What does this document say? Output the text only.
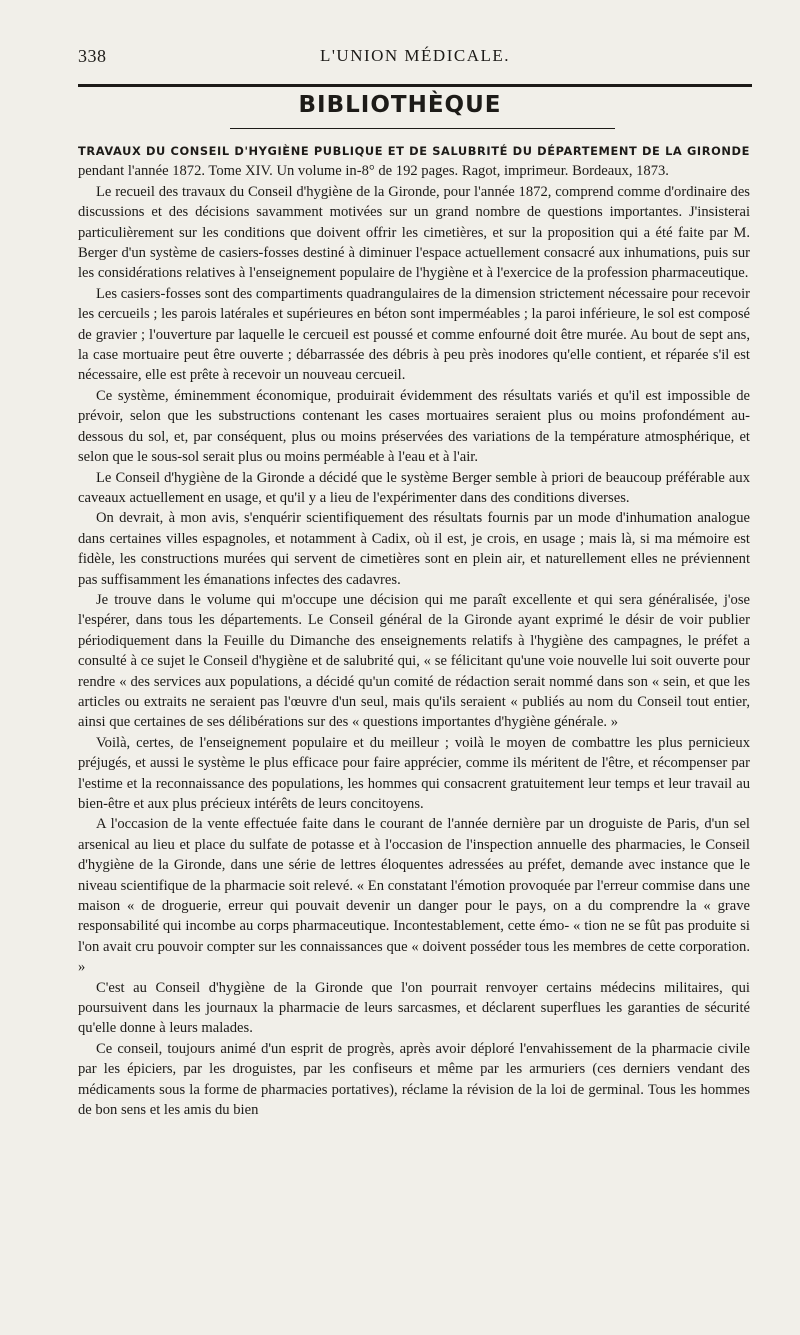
338	L'UNION MÉDICALE.
BIBLIOTHÈQUE

TRAVAUX DU CONSEIL D'HYGIÈNE PUBLIQUE ET DE SALUBRITÉ DU DÉPARTEMENT DE LA GIRONDE pendant l'année 1872. Tome XIV. Un volume in-8° de 192 pages. Ragot, imprimeur. Bordeaux, 1873.

Le recueil des travaux du Conseil d'hygiène de la Gironde, pour l'année 1872, comprend comme d'ordinaire des discussions et des décisions savamment motivées sur un grand nombre de questions importantes. J'insisterai particulièrement sur les conditions que doivent offrir les cimetières, et sur la proposition qui a été faite par M. Berger d'un système de casiers-fosses destiné à diminuer l'espace actuellement consacré aux inhumations, puis sur les considérations relatives à l'enseignement populaire de l'hygiène et à l'exercice de la profession pharmaceutique.

Les casiers-fosses sont des compartiments quadrangulaires de la dimension strictement nécessaire pour recevoir les cercueils ; les parois latérales et supérieures en béton sont imperméables ; la paroi inférieure, le sol est composé de gravier ; l'ouverture par laquelle le cercueil est poussé et comme enfourné doit être murée. Au bout de sept ans, la case mortuaire peut être ouverte ; débarrassée des débris à peu près inodores qu'elle contient, et réparée s'il est nécessaire, elle est prête à recevoir un nouveau cercueil.

Ce système, éminemment économique, produirait évidemment des résultats variés et qu'il est impossible de prévoir, selon que les substructions contenant les cases mortuaires seraient plus ou moins profondément au-dessous du sol, et, par conséquent, plus ou moins préservées des variations de la température atmosphérique, et selon que le sous-sol serait plus ou moins perméable à l'eau et à l'air.

Le Conseil d'hygiène de la Gironde a décidé que le système Berger semble à priori de beaucoup préférable aux caveaux actuellement en usage, et qu'il y a lieu de l'expérimenter dans des conditions diverses.

On devrait, à mon avis, s'enquérir scientifiquement des résultats fournis par un mode d'inhumation analogue dans certaines villes espagnoles, et notamment à Cadix, où il est, je crois, en usage ; mais là, si ma mémoire est fidèle, les constructions murées qui servent de cimetières sont en plein air, et naturellement elles ne préviennent pas suffisamment les émanations infectes des cadavres.

Je trouve dans le volume qui m'occupe une décision qui me paraît excellente et qui sera généralisée, j'ose l'espérer, dans tous les départements. Le Conseil général de la Gironde ayant exprimé le désir de voir publier périodiquement dans la Feuille du Dimanche des enseignements relatifs à l'hygiène des campagnes, le préfet a consulté à ce sujet le Conseil d'hygiène et de salubrité qui, « se félicitant qu'une voie nouvelle lui soit ouverte pour rendre « des services aux populations, a décidé qu'un comité de rédaction serait nommé dans son « sein, et que les articles ou extraits ne seraient pas l'œuvre d'un seul, mais qu'ils seraient « publiés au nom du Conseil tout entier, ainsi que certaines de ses délibérations sur des « questions importantes d'hygiène générale. »

Voilà, certes, de l'enseignement populaire et du meilleur ; voilà le moyen de combattre les plus pernicieux préjugés, et aussi le système le plus efficace pour faire apprécier, comme ils méritent de l'être, et récompenser par l'estime et la reconnaissance des populations, les hommes qui consacrent gratuitement leur temps et leur travail au bien-être et aux plus précieux intérêts de leurs concitoyens.

A l'occasion de la vente effectuée faite dans le courant de l'année dernière par un droguiste de Paris, d'un sel arsenical au lieu et place du sulfate de potasse et à l'occasion de l'inspection annuelle des pharmacies, le Conseil d'hygiène de la Gironde, dans une série de lettres éloquentes adressées au préfet, demande avec instance que le niveau scientifique de la pharmacie soit relevé. « En constatant l'émotion provoquée par l'erreur commise dans une maison « de droguerie, erreur qui pouvait devenir un danger pour le pays, on a du comprendre la « grave responsabilité qui incombe au corps pharmaceutique. Incontestablement, cette émo- « tion ne se fût pas produite si l'on avait cru pouvoir compter sur les connaissances que « doivent posséder tous les membres de cette corporation. »

C'est au Conseil d'hygiène de la Gironde que l'on pourrait renvoyer certains médecins militaires, qui poursuivent dans les journaux la pharmacie de leurs sarcasmes, et déclarent superflues les garanties de sécurité qu'elle donne à leurs malades.

Ce conseil, toujours animé d'un esprit de progrès, après avoir déploré l'envahissement de la pharmacie civile par les épiciers, par les droguistes, par les confiseurs et même par les armuriers (ces derniers vendant des médicaments sous la forme de pharmacies portatives), réclame la révision de la loi de germinal. Tous les hommes de bon sens et les amis du bien
